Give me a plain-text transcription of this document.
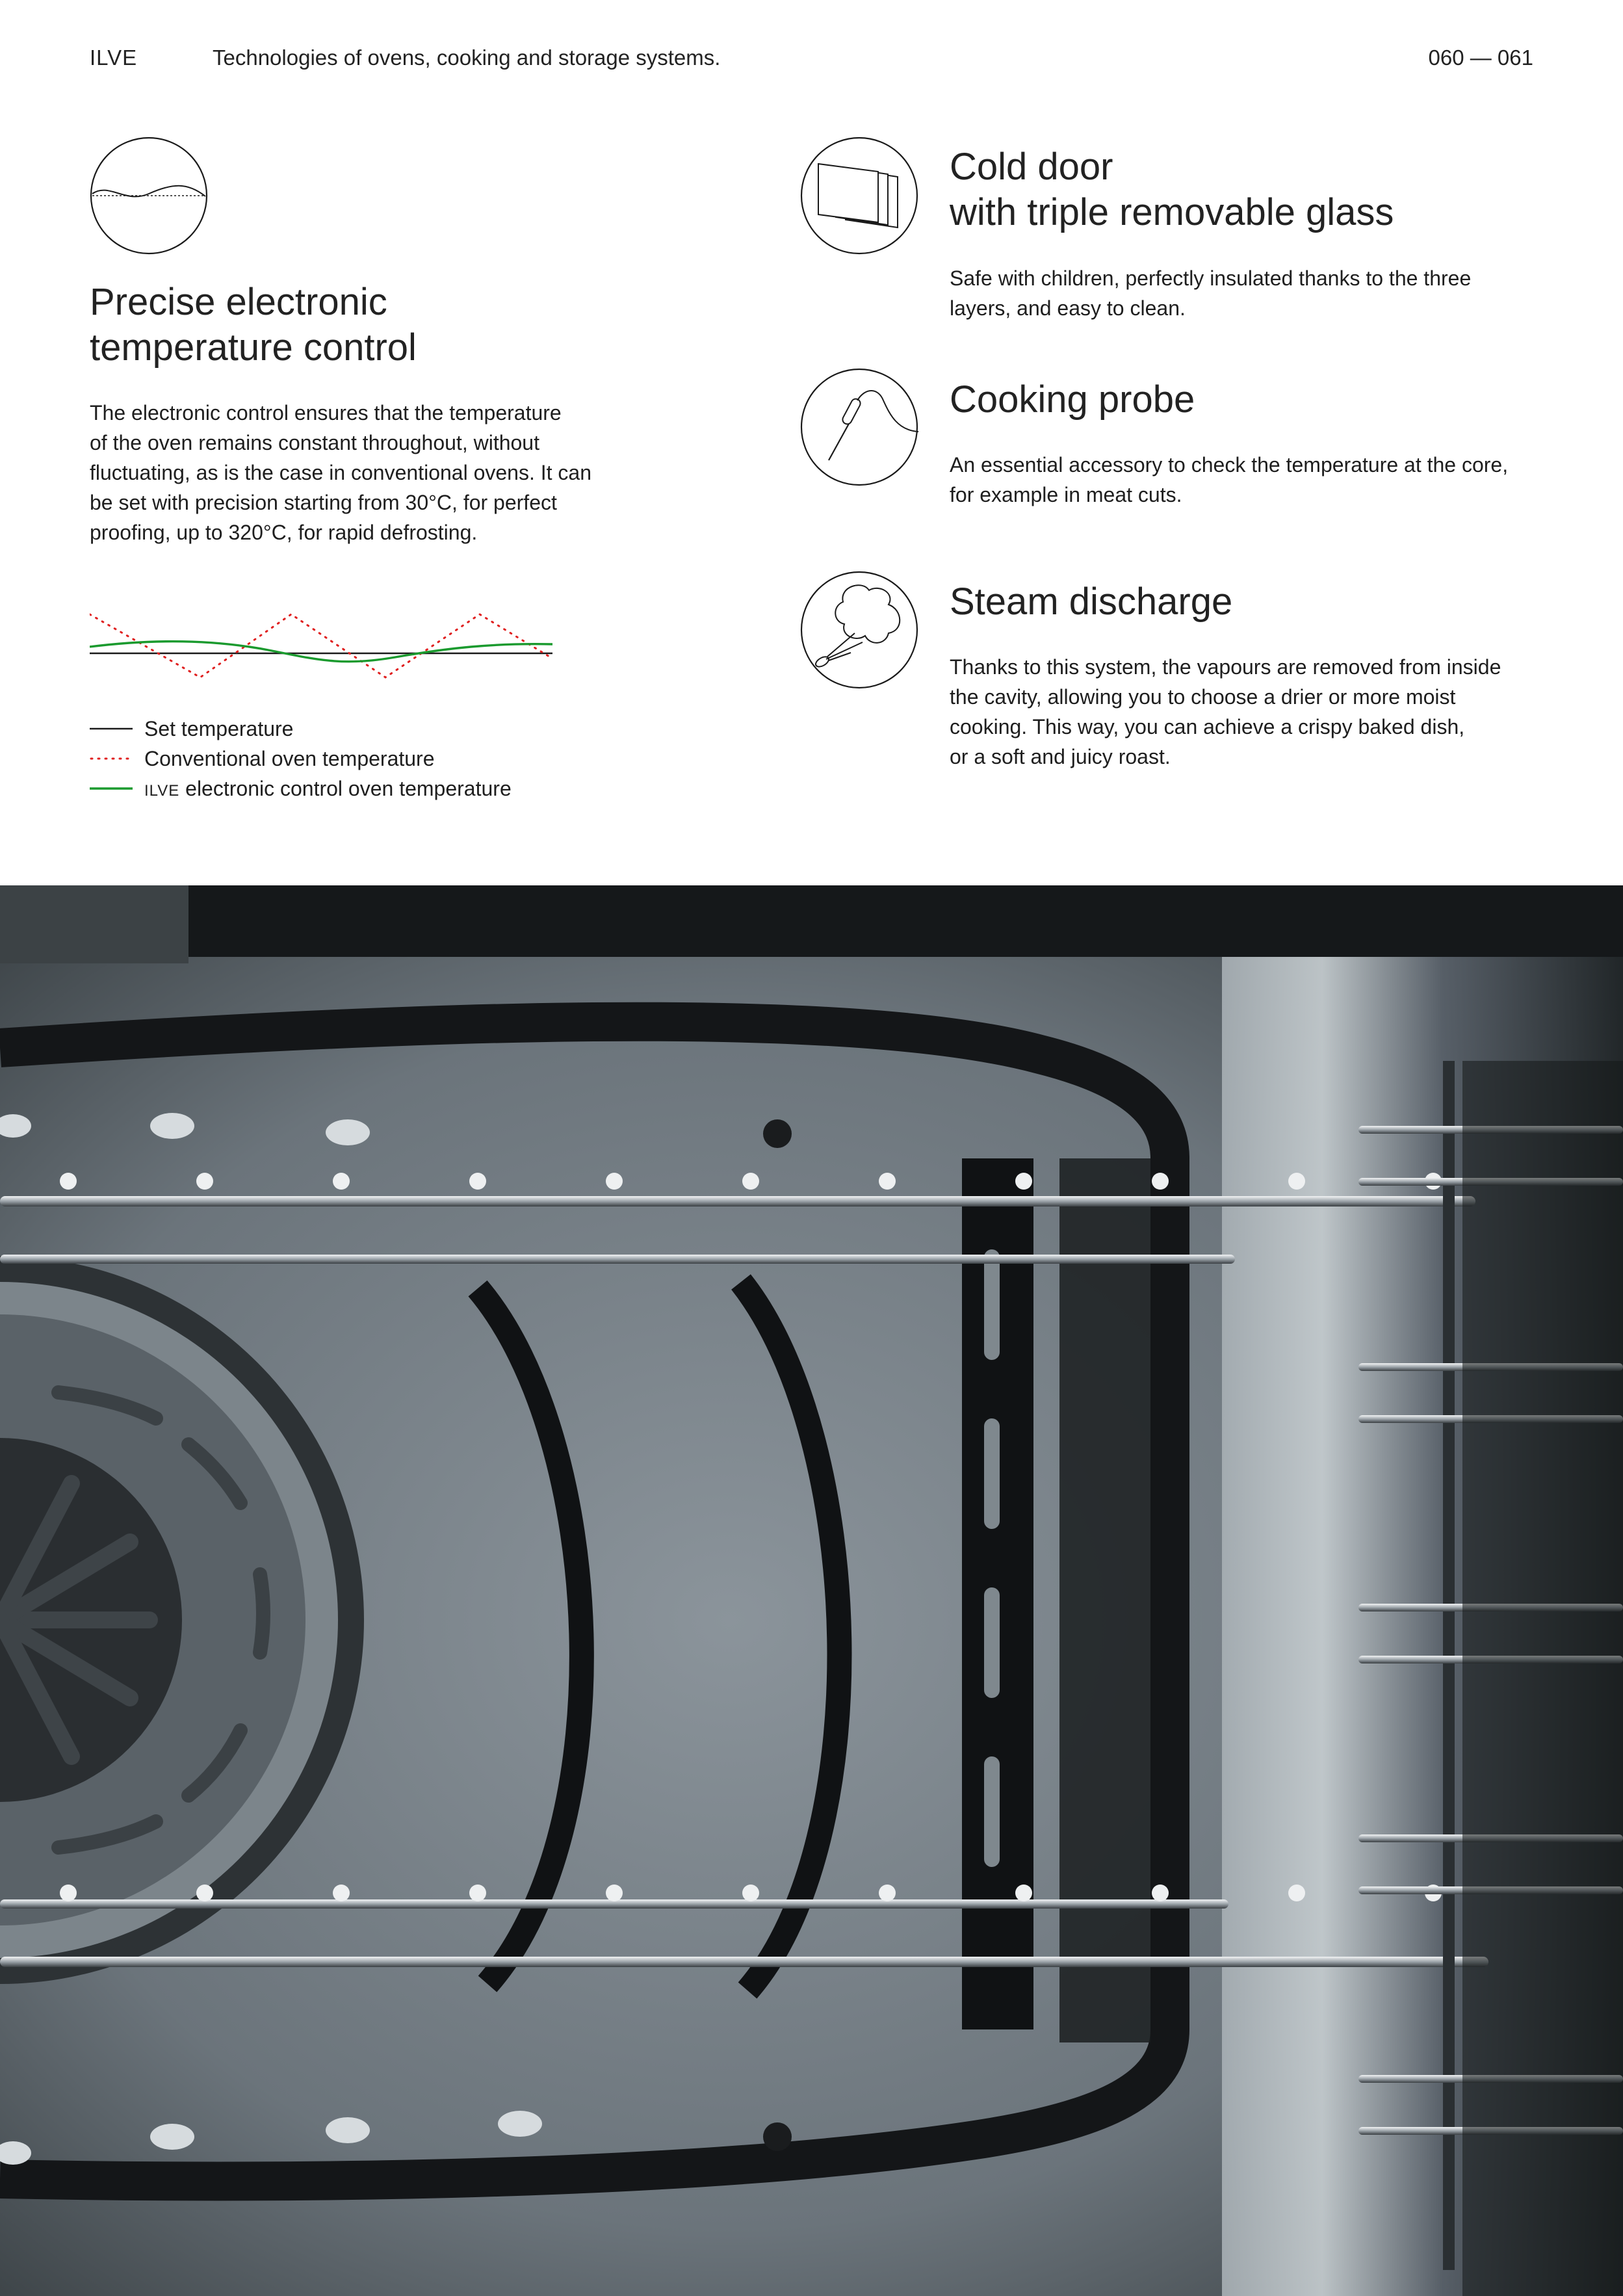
ILVE	Technologies of ovens, cooking and storage systems.	060 — 061
Precise electronic
temperature control
The electronic control ensures that the temperature
of the oven remains constant throughout, without
fluctuating, as is the case in conventional ovens. It can
be set with precision starting from 30°C, for perfect
proofing, up to 320°C, for rapid defrosting.
Set temperature
Conventional oven temperature
ILVE electronic control oven temperature
Cold door
with triple removable glass
Safe with children, perfectly insulated thanks to the three
layers, and easy to clean.
Cooking probe
An essential accessory to check the temperature at the core,
for example in meat cuts.
Steam discharge
Thanks to this system, the vapours are removed from inside
the cavity, allowing you to choose a drier or more moist
cooking. This way, you can achieve a crispy baked dish,
or a soft and juicy roast.
